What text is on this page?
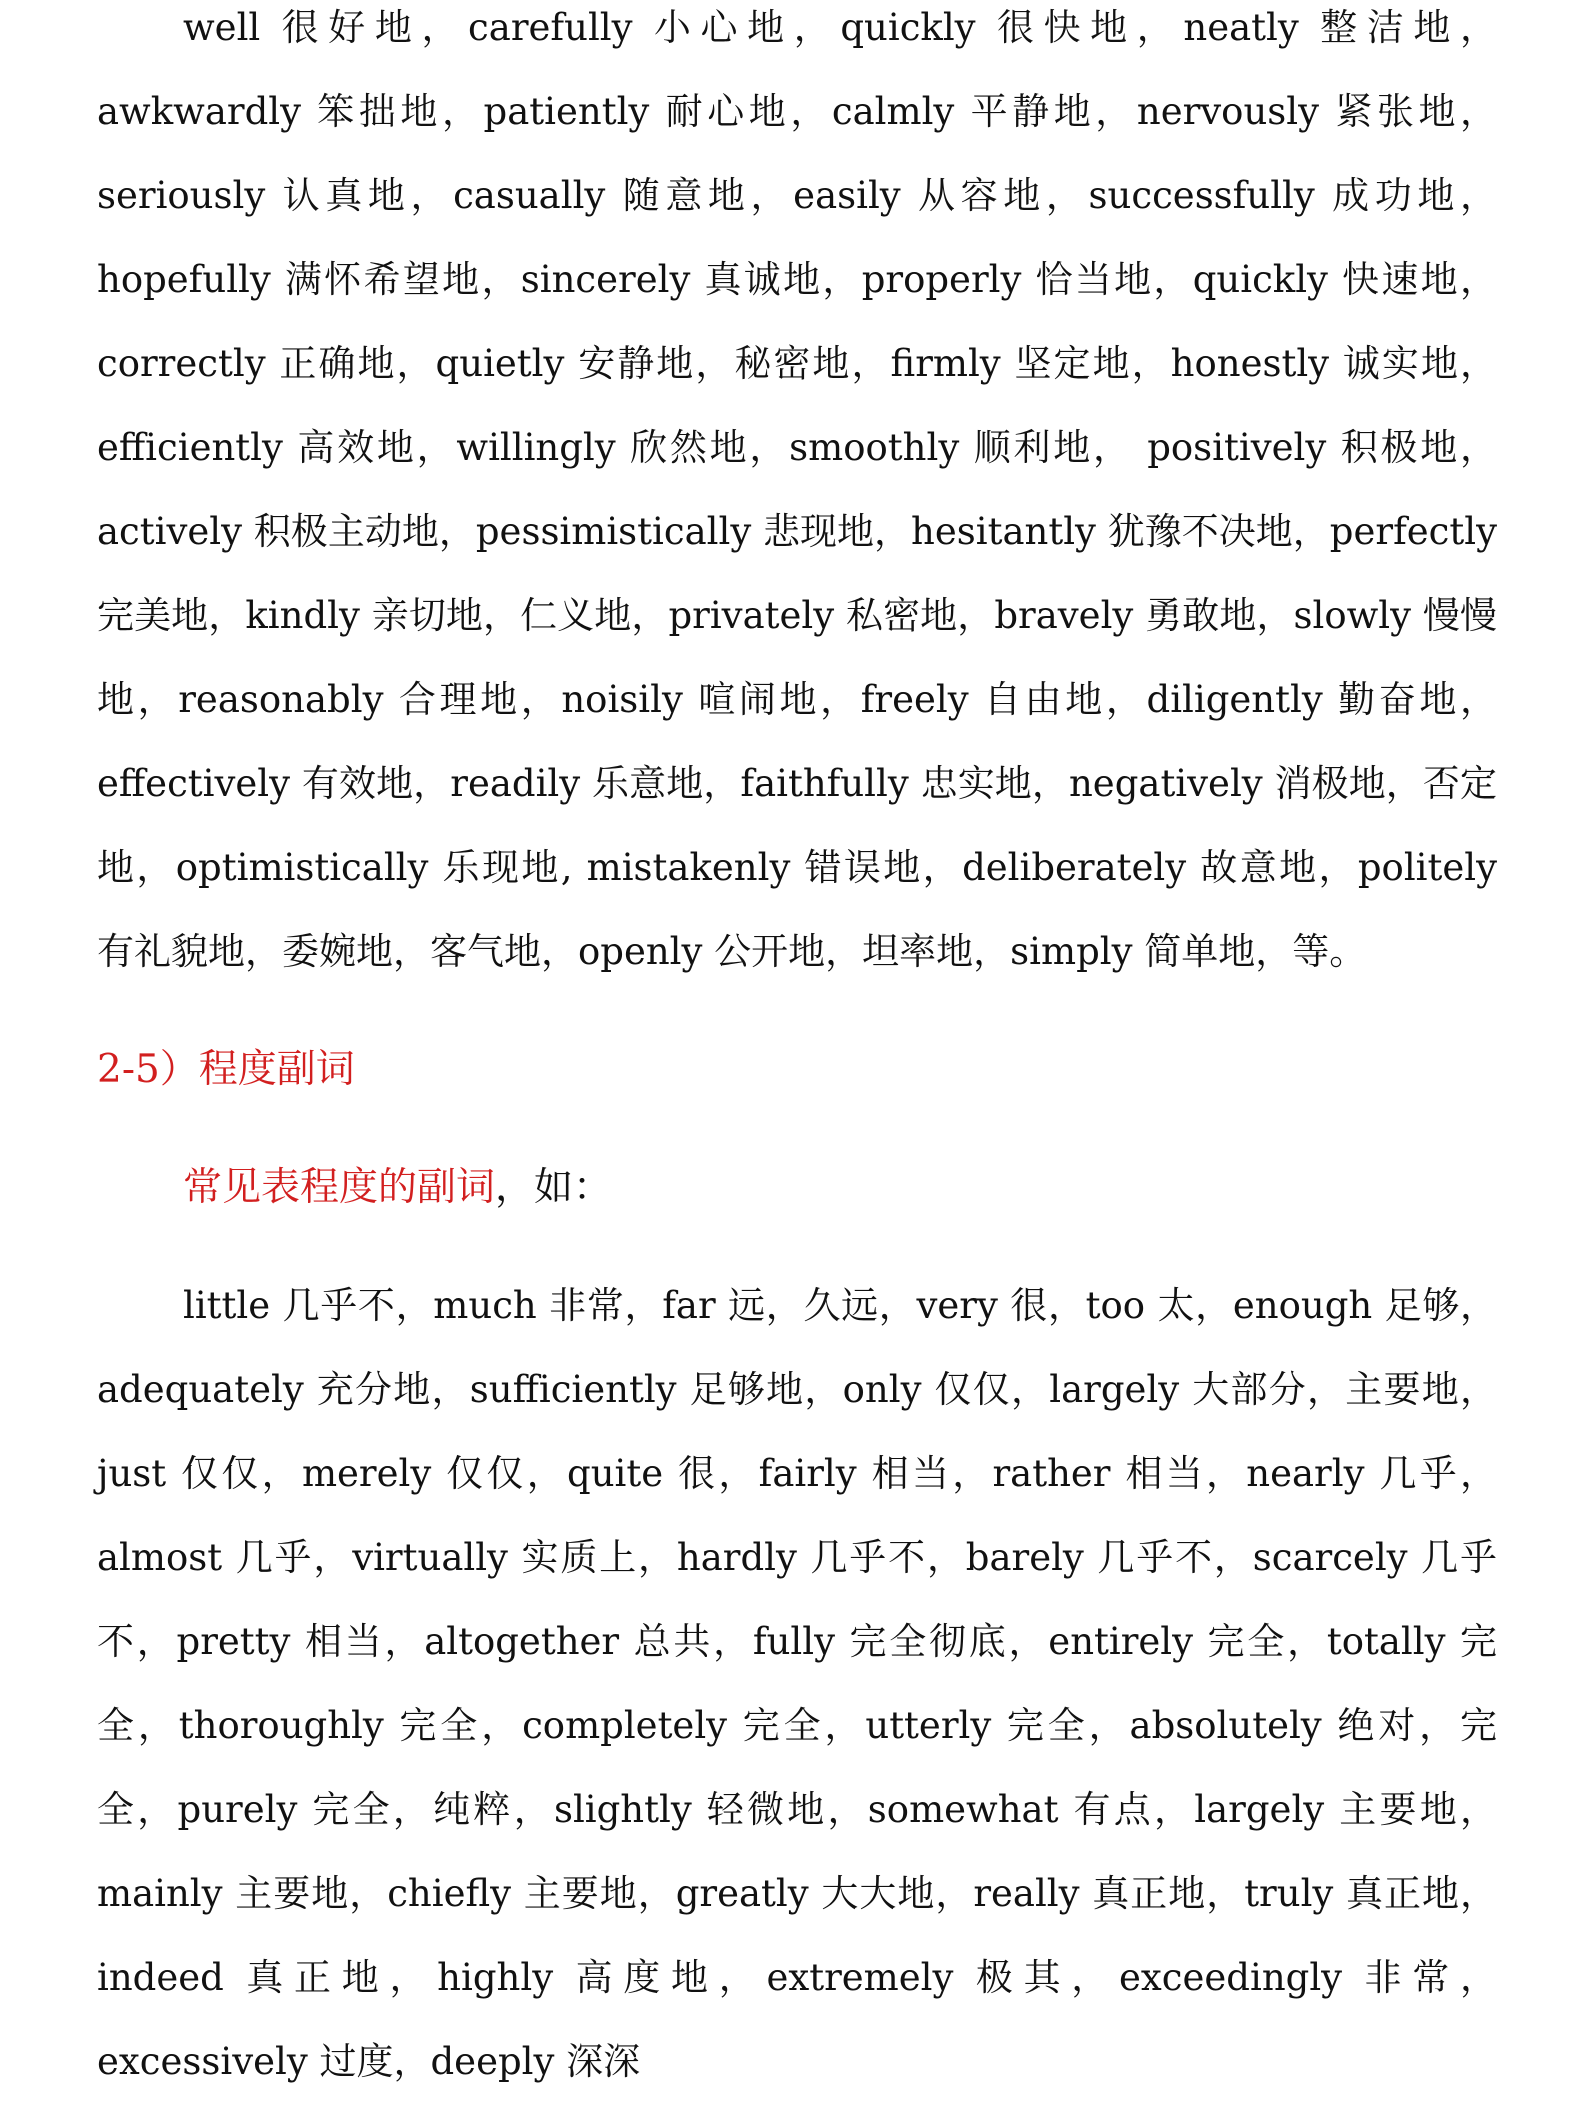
well 很好地，carefully 小心地，quickly 很快地，neatly 整洁地，awkwardly 笨拙地，patiently 耐心地，calmly 平静地，nervously 紧张地，seriously 认真地，casually 随意地，easily 从容地，successfully 成功地，hopefully 满怀希望地，sincerely 真诚地，properly 恰当地，quickly 快速地，correctly 正确地，quietly 安静地，秘密地，firmly 坚定地，honestly 诚实地， efficiently 高效地，willingly 欣然地，smoothly 顺利地， positively 积极地，actively 积极主动地，pessimistically 悲现地，hesitantly 犹豫不决地，perfectly 完美地，kindly 亲切地，仁义地，privately 私密地，bravely 勇敢地，slowly 慢慢地，reasonably 合理地，noisily 喧闹地，freely 自由地，diligently 勤奋地，effectively 有效地，readily 乐意地，faithfully 忠实地，negatively 消极地，否定地，optimistically 乐现地, mistakenly 错误地，deliberately 故意地，politely 有礼貌地，委婉地，客气地，openly 公开地，坦率地，simply 简单地，等。

2-5）程度副词

常见表程度的副词，如：

little 几乎不，much 非常，far 远，久远，very 很，too 太，enough 足够，adequately 充分地，sufficiently 足够地，only 仅仅，largely 大部分，主要地，just 仅仅，merely 仅仅，quite 很，fairly 相当，rather 相当，nearly 几乎，almost 几乎，virtually 实质上，hardly 几乎不，barely 几乎不，scarcely 几乎不，pretty 相当，altogether 总共，fully 完全彻底，entirely 完全，totally 完全，thoroughly 完全，completely 完全，utterly 完全，absolutely 绝对，完全，purely 完全，纯粹，slightly 轻微地，somewhat 有点，largely 主要地，mainly 主要地，chiefly 主要地，greatly 大大地，really 真正地，truly 真正地，indeed 真正地，highly 高度地，extremely 极其，exceedingly 非常，excessively 过度，deeply 深深
